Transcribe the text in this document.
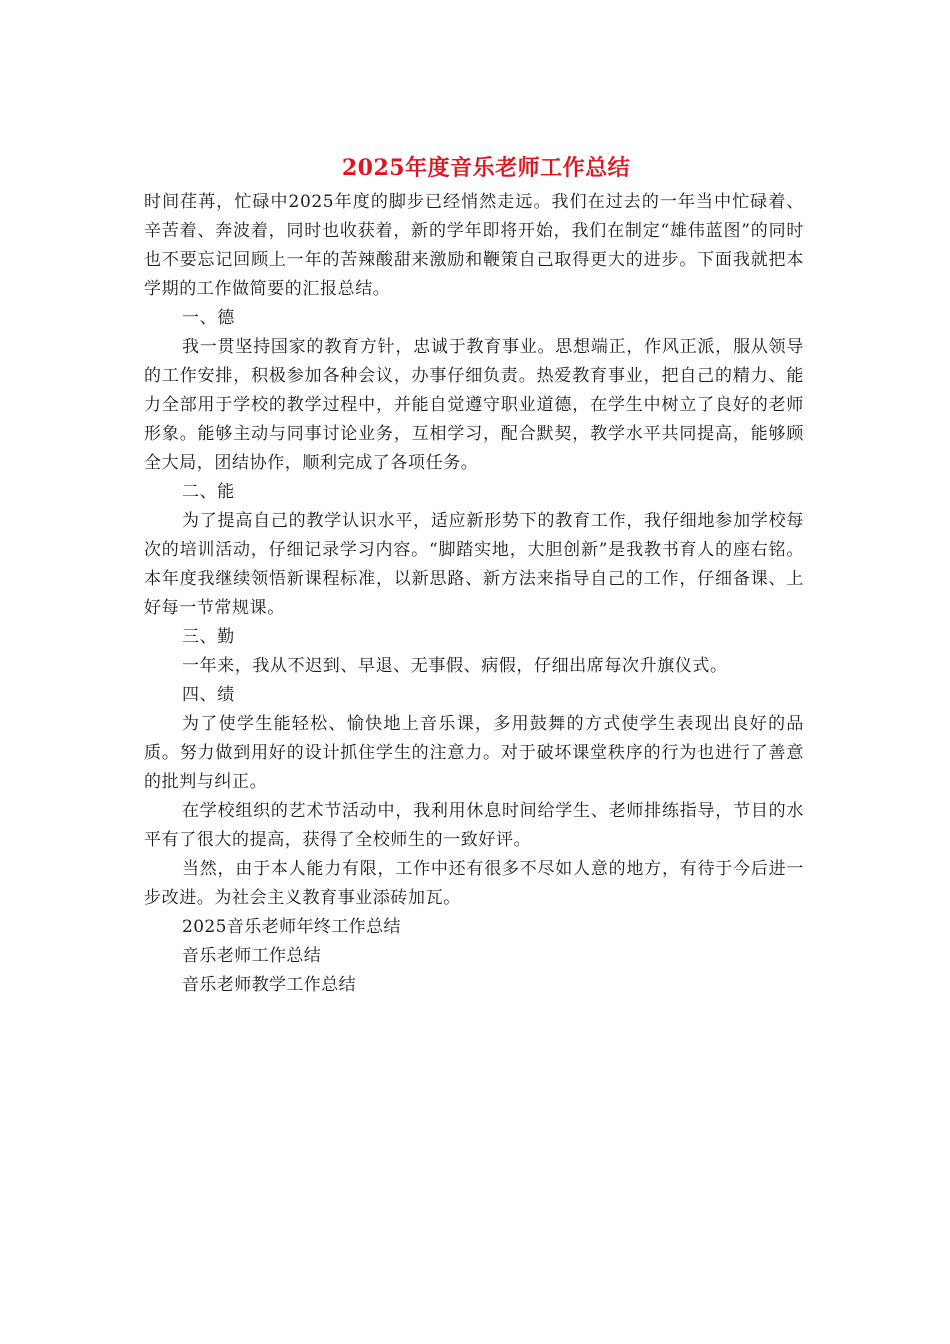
2025年度音乐老师工作总结

时间荏苒，忙碌中2025年度的脚步已经悄然走远。我们在过去的一年当中忙碌着、辛苦着、奔波着，同时也收获着，新的学年即将开始，我们在制定“雄伟蓝图”的同时也不要忘记回顾上一年的苦辣酸甜来激励和鞭策自己取得更大的进步。下面我就把本学期的工作做简要的汇报总结。

一、德

我一贯坚持国家的教育方针，忠诚于教育事业。思想端正，作风正派，服从领导的工作安排，积极参加各种会议，办事仔细负责。热爱教育事业，把自己的精力、能力全部用于学校的教学过程中，并能自觉遵守职业道德，在学生中树立了良好的老师形象。能够主动与同事讨论业务，互相学习，配合默契，教学水平共同提高，能够顾全大局，团结协作，顺利完成了各项任务。

二、能

为了提高自己的教学认识水平，适应新形势下的教育工作，我仔细地参加学校每次的培训活动，仔细记录学习内容。“脚踏实地，大胆创新”是我教书育人的座右铭。本年度我继续领悟新课程标准，以新思路、新方法来指导自己的工作，仔细备课、上好每一节常规课。

三、勤

一年来，我从不迟到、早退、无事假、病假，仔细出席每次升旗仪式。

四、绩

为了使学生能轻松、愉快地上音乐课，多用鼓舞的方式使学生表现出良好的品质。努力做到用好的设计抓住学生的注意力。对于破坏课堂秩序的行为也进行了善意的批判与纠正。

在学校组织的艺术节活动中，我利用休息时间给学生、老师排练指导，节目的水平有了很大的提高，获得了全校师生的一致好评。

当然，由于本人能力有限，工作中还有很多不尽如人意的地方，有待于今后进一步改进。为社会主义教育事业添砖加瓦。

2025音乐老师年终工作总结

音乐老师工作总结

音乐老师教学工作总结
